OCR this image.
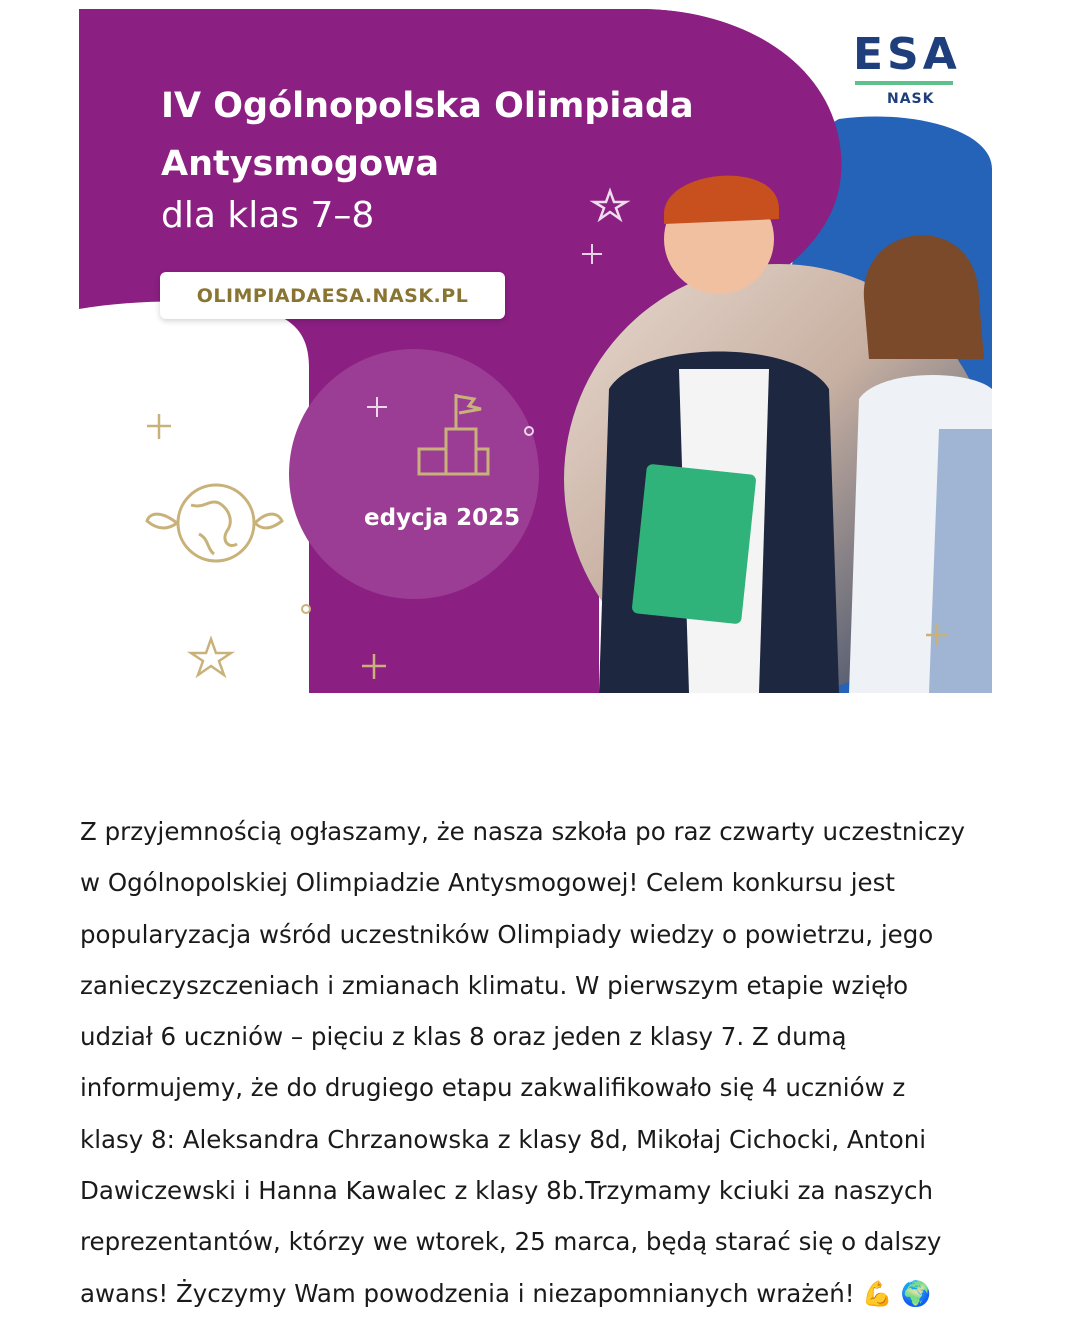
IV Ogólnopolska Olimpiada
Antysmogowa
dla klas 7–8
OLIMPIADAESA.NASK.PL
edycja 2025
ESA
NASK

Z przyjemnością ogłaszamy, że nasza szkoła po raz czwarty uczestniczy
w Ogólnopolskiej Olimpiadzie Antysmogowej! Celem konkursu jest
popularyzacja wśród uczestników Olimpiady wiedzy o powietrzu, jego
zanieczyszczeniach i zmianach klimatu. W pierwszym etapie wzięło
udział 6 uczniów – pięciu z klas 8 oraz jeden z klasy 7. Z dumą
informujemy, że do drugiego etapu zakwalifikowało się 4 uczniów z
klasy 8: Aleksandra Chrzanowska z klasy 8d, Mikołaj Cichocki, Antoni
Dawiczewski i Hanna Kawalec z klasy 8b.Trzymamy kciuki za naszych
reprezentantów, którzy we wtorek, 25 marca, będą starać się o dalszy
awans! Życzymy Wam powodzenia i niezapomnianych wrażeń! 💪 🌍
